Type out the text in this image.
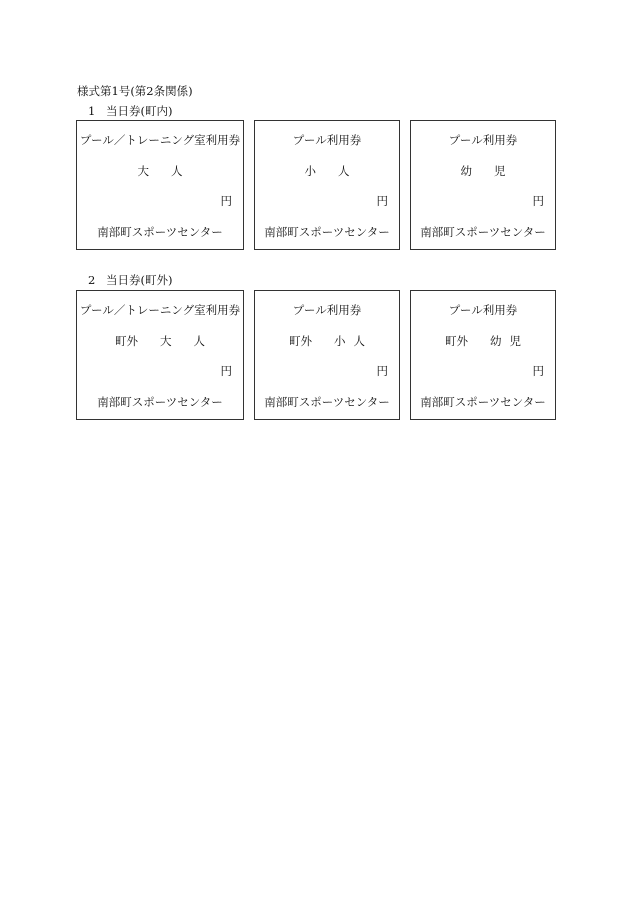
様式第1号(第2条関係)
1 当日券(町内)
プール／トレーニング室利用券
大 人
円
南部町スポーツセンター
プール利用券
小 人
円
南部町スポーツセンター
プール利用券
幼 児
円
南部町スポーツセンター
2 当日券(町外)
プール／トレーニング室利用券
町外 大 人
円
南部町スポーツセンター
プール利用券
町外 小 人
円
南部町スポーツセンター
プール利用券
町外 幼 児
円
南部町スポーツセンター
